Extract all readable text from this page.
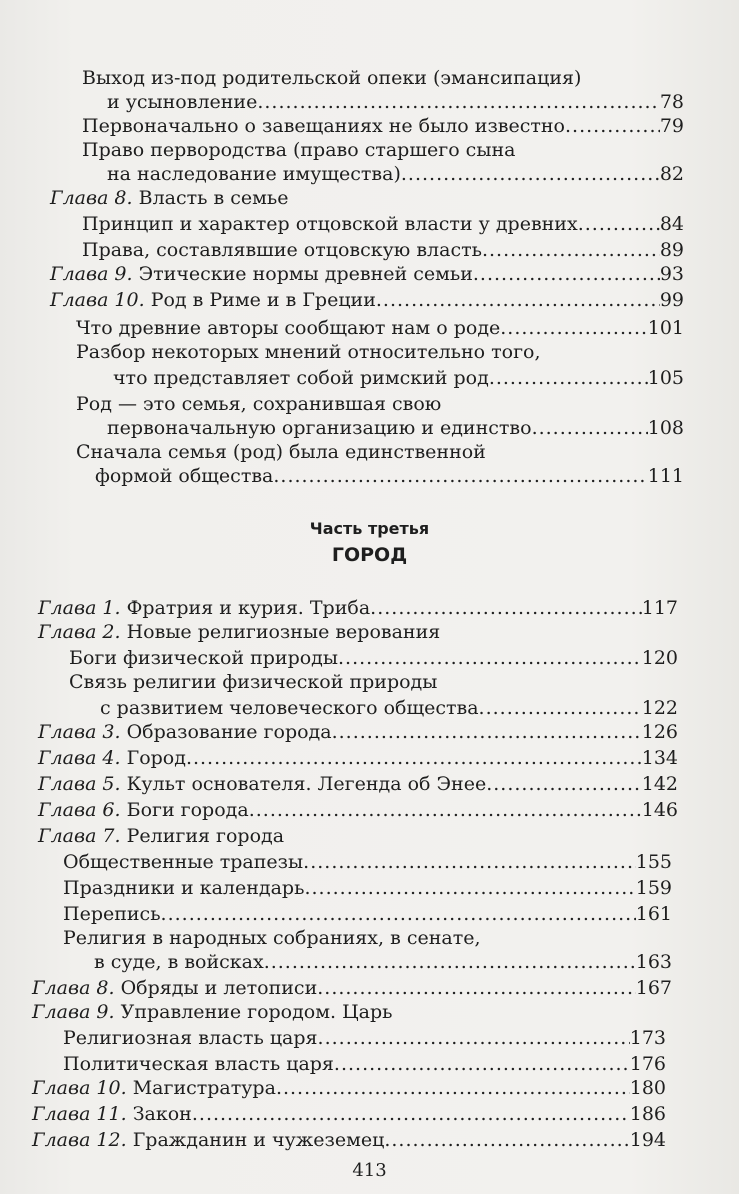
Выход из-под родительской опеки (эмансипация)
и усыновление .....	78
Первоначально о завещаниях не было известно .....	79
Право первородства (право старшего сына
на наследование имущества) .....	82
Глава 8. Власть в семье
Принцип и характер отцовской власти у древних .....	84
Права, составлявшие отцовскую власть .....	89
Глава 9. Этические нормы древней семьи .....	93
Глава 10. Род в Риме и в Греции .....	99
Что древние авторы сообщают нам о роде .....	101
Разбор некоторых мнений относительно того,
что представляет собой римский род .....	105
Род — это семья, сохранившая свою
первоначальную организацию и единство .....	108
Сначала семья (род) была единственной
формой общества .....	111
Часть третья
ГОРОД
Глава 1. Фратрия и курия. Триба .....	117
Глава 2. Новые религиозные верования
Боги физической природы .....	120
Связь религии физической природы
с развитием человеческого общества .....	122
Глава 3. Образование города .....	126
Глава 4. Город .....	134
Глава 5. Культ основателя. Легенда об Энее .....	142
Глава 6. Боги города .....	146
Глава 7. Религия города
Общественные трапезы .....	155
Праздники и календарь .....	159
Перепись .....	161
Религия в народных собраниях, в сенате,
в суде, в войсках .....	163
Глава 8. Обряды и летописи .....	167
Глава 9. Управление городом. Царь
Религиозная власть царя .....	173
Политическая власть царя .....	176
Глава 10. Магистратура .....	180
Глава 11. Закон .....	186
Глава 12. Гражданин и чужеземец .....	194
413
